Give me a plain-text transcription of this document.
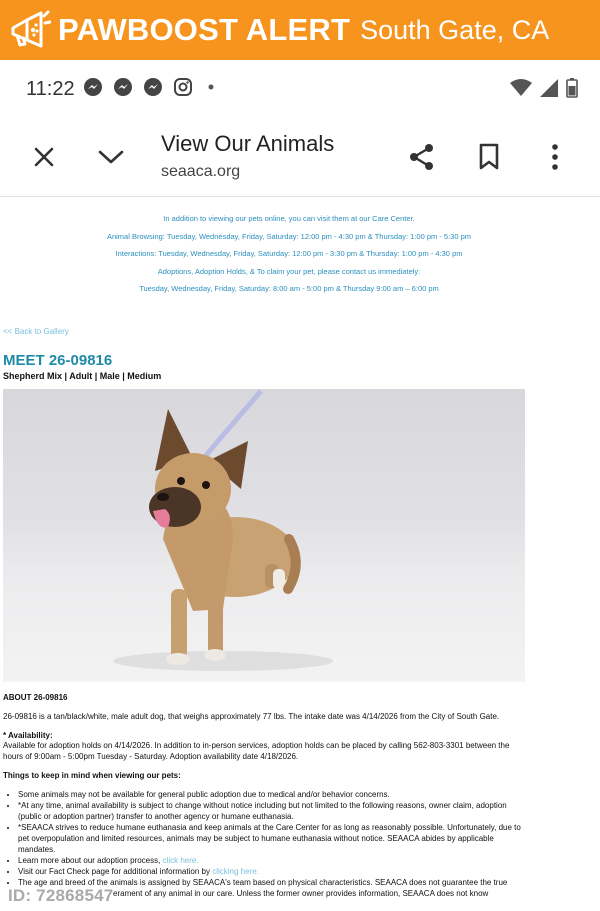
PAWBOOST ALERT South Gate, CA
11:22
View Our Animals
seaaca.org

In addition to viewing our pets online, you can visit them at our Care Center.

Animal Browsing: Tuesday, Wednesday, Friday, Saturday: 12:00 pm - 4:30 pm & Thursday: 1:00 pm - 5:30 pm

Interactions: Tuesday, Wednesday, Friday, Saturday: 12:00 pm - 3:30 pm & Thursday: 1:00 pm - 4:30 pm

Adoptions, Adoption Holds, & To claim your pet, please contact us immediately:

Tuesday, Wednesday, Friday, Saturday: 8:00 am - 5:00 pm & Thursday 9:00 am – 6:00 pm

<< Back to Gallery
MEET 26-09816
Shepherd Mix | Adult | Male | Medium
ABOUT 26-09816
26-09816 is a tan/black/white, male adult dog, that weighs approximately 77 lbs. The intake date was 4/14/2026 from the City of South Gate.
* Availability:
Available for adoption holds on 4/14/2026. In addition to in-person services, adoption holds can be placed by calling 562-803-3301 between the hours of 9:00am - 5:00pm Tuesday - Saturday. Adoption availability date 4/18/2026.
Things to keep in mind when viewing our pets:
• Some animals may not be available for general public adoption due to medical and/or behavior concerns.
• *At any time, animal availability is subject to change without notice including but not limited to the following reasons, owner claim, adoption (public or adoption partner) transfer to another agency or humane euthanasia.
• *SEAACA strives to reduce humane euthanasia and keep animals at the Care Center for as long as reasonably possible. Unfortunately, due to pet overpopulation and limited resources, animals may be subject to humane euthanasia without notice. SEAACA abides by applicable mandates.
• Learn more about our adoption process, click here.
• Visit our Fact Check page for additional information by clicking here.
• The age and breed of the animals is assigned by SEAACA's team based on physical characteristics. SEAACA does not guarantee the true
erament of any animal in our care. Unless the former owner provides information, SEAACA does not know
ID: 72868547
